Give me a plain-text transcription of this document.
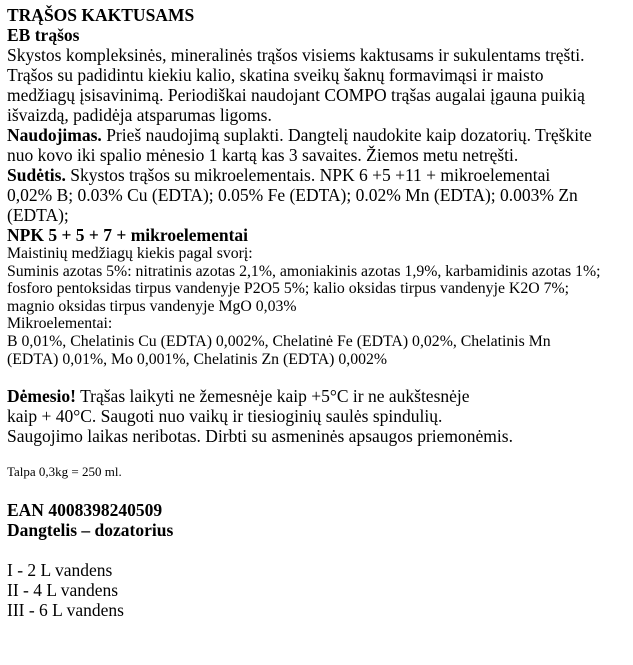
TRĄŠOS KAKTUSAMS
EB trąšos
Skystos kompleksinės, mineralinės trąšos visiems kaktusams ir sukulentams tręšti.
Trąšos su padidintu kiekiu kalio, skatina sveikų šaknų formavimąsi ir maisto
medžiagų įsisavinimą. Periodiškai naudojant COMPO trąšas augalai įgauna puikią
išvaizdą, padidėja atsparumas ligoms.
Naudojimas. Prieš naudojimą suplakti. Dangtelį naudokite kaip dozatorių. Tręškite
nuo kovo iki spalio mėnesio 1 kartą kas 3 savaites. Žiemos metu netręšti.
Sudėtis. Skystos trąšos su mikroelementais. NPK 6 +5 +11 + mikroelementai
0,02% B; 0.03% Cu (EDTA); 0.05% Fe (EDTA); 0.02% Mn (EDTA); 0.003% Zn
(EDTA);
NPK 5 + 5 + 7 + mikroelementai
Maistinių medžiagų kiekis pagal svorį:
Suminis azotas 5%: nitratinis azotas 2,1%, amoniakinis azotas 1,9%, karbamidinis azotas 1%;
fosforo pentoksidas tirpus vandenyje P2O5 5%; kalio oksidas tirpus vandenyje K2O 7%;
magnio oksidas tirpus vandenyje MgO 0,03%
Mikroelementai:
B 0,01%, Chelatinis Cu (EDTA) 0,002%, Chelatinė Fe (EDTA) 0,02%, Chelatinis Mn
(EDTA) 0,01%, Mo 0,001%, Chelatinis Zn (EDTA) 0,002%
Dėmesio! Trąšas laikyti ne žemesnėje kaip +5°C ir ne aukštesnėje
kaip + 40°C. Saugoti nuo vaikų ir tiesioginių saulės spindulių.
Saugojimo laikas neribotas. Dirbti su asmeninės apsaugos priemonėmis.
Talpa 0,3kg = 250 ml.
EAN 4008398240509
Dangtelis – dozatorius
I - 2 L vandens
II - 4 L vandens
III - 6 L vandens
